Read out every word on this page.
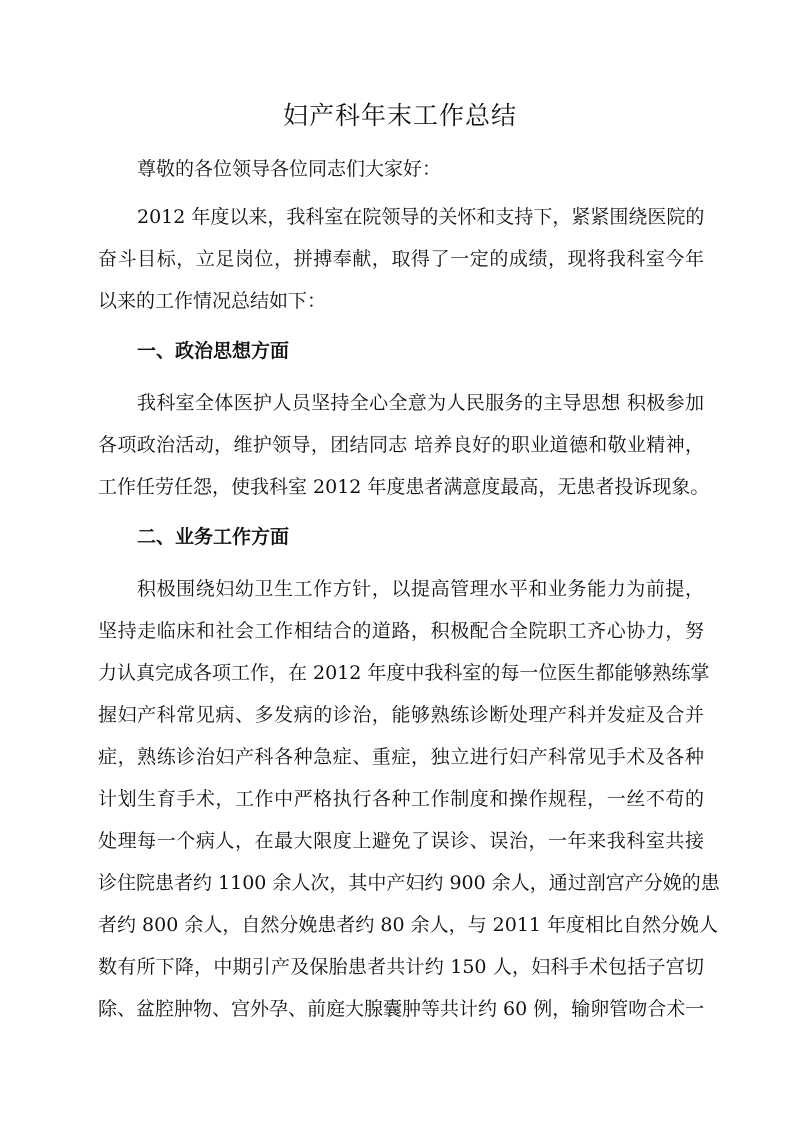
妇产科年末工作总结

尊敬的各位领导各位同志们大家好：

2012 年度以来，我科室在院领导的关怀和支持下，紧紧围绕医院的

奋斗目标，立足岗位，拼搏奉献，取得了一定的成绩，现将我科室今年

以来的工作情况总结如下：

一、政治思想方面

我科室全体医护人员坚持全心全意为人民服务的主导思想 积极参加

各项政治活动，维护领导，团结同志 培养良好的职业道德和敬业精神，

工作任劳任怨，使我科室 2012 年度患者满意度最高，无患者投诉现象。

二、业务工作方面

积极围绕妇幼卫生工作方针，以提高管理水平和业务能力为前提，

坚持走临床和社会工作相结合的道路，积极配合全院职工齐心协力，努

力认真完成各项工作，在 2012 年度中我科室的每一位医生都能够熟练掌

握妇产科常见病、多发病的诊治，能够熟练诊断处理产科并发症及合并

症，熟练诊治妇产科各种急症、重症，独立进行妇产科常见手术及各种

计划生育手术，工作中严格执行各种工作制度和操作规程，一丝不苟的

处理每一个病人，在最大限度上避免了误诊、误治，一年来我科室共接

诊住院患者约 1100 余人次，其中产妇约 900 余人，通过剖宫产分娩的患

者约 800 余人，自然分娩患者约 80 余人，与 2011 年度相比自然分娩人

数有所下降，中期引产及保胎患者共计约 150 人，妇科手术包括子宫切

除、盆腔肿物、宫外孕、前庭大腺囊肿等共计约 60 例，输卵管吻合术一
